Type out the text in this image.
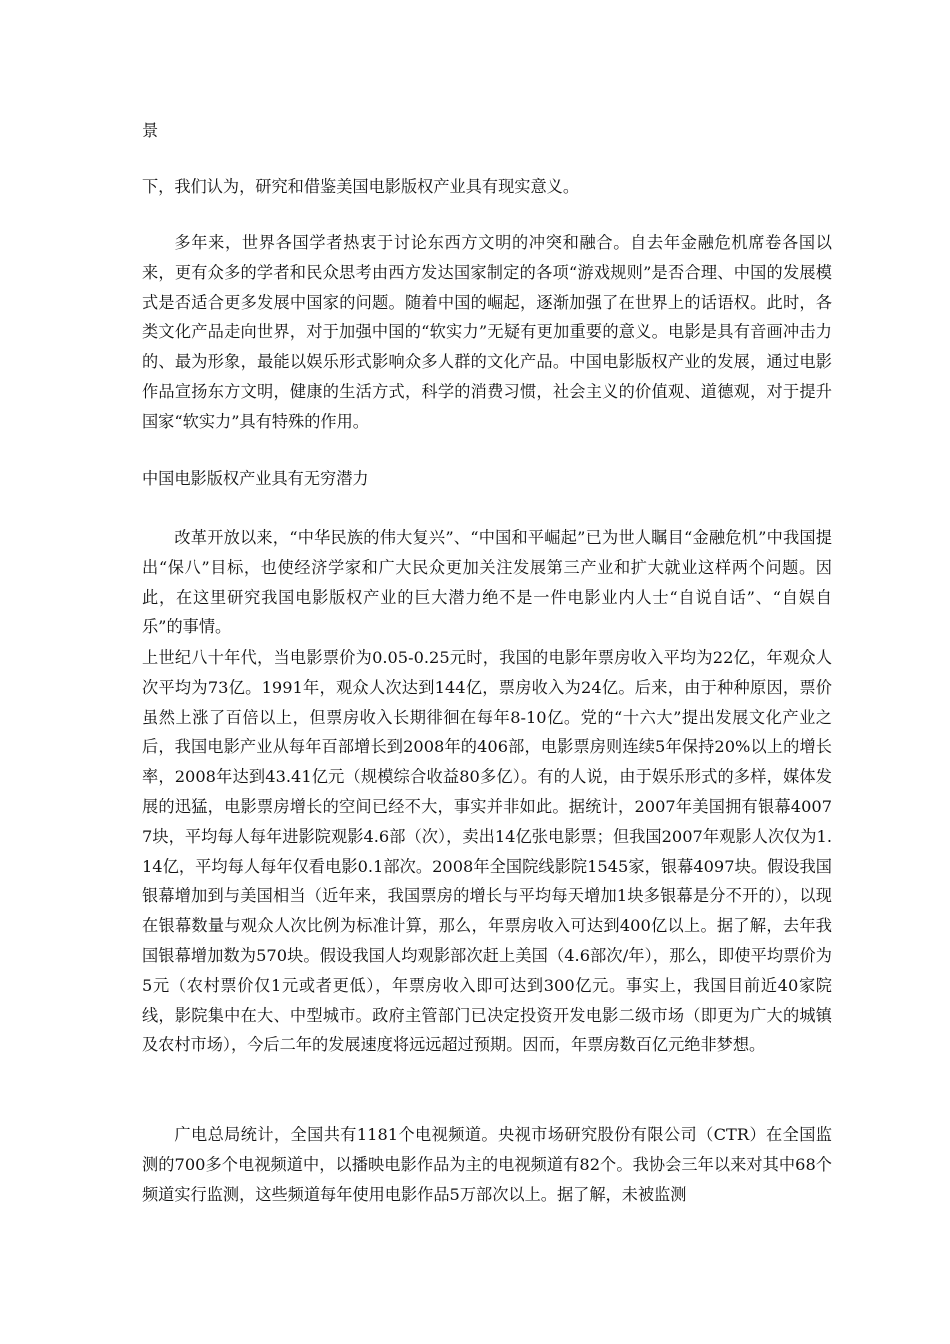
景

下，我们认为，研究和借鉴美国电影版权产业具有现实意义。

多年来，世界各国学者热衷于讨论东西方文明的冲突和融合。自去年金融危机席卷各国以来，更有众多的学者和民众思考由西方发达国家制定的各项“游戏规则”是否合理、中国的发展模式是否适合更多发展中国家的问题。随着中国的崛起，逐渐加强了在世界上的话语权。此时，各类文化产品走向世界，对于加强中国的“软实力”无疑有更加重要的意义。电影是具有音画冲击力的、最为形象，最能以娱乐形式影响众多人群的文化产品。中国电影版权产业的发展，通过电影作品宣扬东方文明，健康的生活方式，科学的消费习惯，社会主义的价值观、道德观，对于提升国家“软实力”具有特殊的作用。

中国电影版权产业具有无穷潜力

改革开放以来，“中华民族的伟大复兴”、“中国和平崛起”已为世人瞩目“金融危机”中我国提出“保八”目标，也使经济学家和广大民众更加关注发展第三产业和扩大就业这样两个问题。因此，在这里研究我国电影版权产业的巨大潜力绝不是一件电影业内人士“自说自话”、“自娱自乐”的事情。

上世纪八十年代，当电影票价为0.05-0.25元时，我国的电影年票房收入平均为22亿，年观众人次平均为73亿。1991年，观众人次达到144亿，票房收入为24亿。后来，由于种种原因，票价虽然上涨了百倍以上，但票房收入长期徘徊在每年8-10亿。党的“十六大”提出发展文化产业之后，我国电影产业从每年百部增长到2008年的406部，电影票房则连续5年保持20%以上的增长率，2008年达到43.41亿元（规模综合收益80多亿）。有的人说，由于娱乐形式的多样，媒体发展的迅猛，电影票房增长的空间已经不大，事实并非如此。据统计，2007年美国拥有银幕40077块，平均每人每年进影院观影4.6部（次），卖出14亿张电影票；但我国2007年观影人次仅为1.14亿，平均每人每年仅看电影0.1部次。2008年全国院线影院1545家，银幕4097块。假设我国银幕增加到与美国相当（近年来，我国票房的增长与平均每天增加1块多银幕是分不开的），以现在银幕数量与观众人次比例为标准计算，那么，年票房收入可达到400亿以上。据了解，去年我国银幕增加数为570块。假设我国人均观影部次赶上美国（4.6部次/年），那么，即使平均票价为5元（农村票价仅1元或者更低），年票房收入即可达到300亿元。事实上，我国目前近40家院线，影院集中在大、中型城市。政府主管部门已决定投资开发电影二级市场（即更为广大的城镇及农村市场），今后二年的发展速度将远远超过预期。因而，年票房数百亿元绝非梦想。

广电总局统计，全国共有1181个电视频道。央视市场研究股份有限公司（CTR）在全国监测的700多个电视频道中，以播映电影作品为主的电视频道有82个。我协会三年以来对其中68个频道实行监测，这些频道每年使用电影作品5万部次以上。据了解，未被监测
